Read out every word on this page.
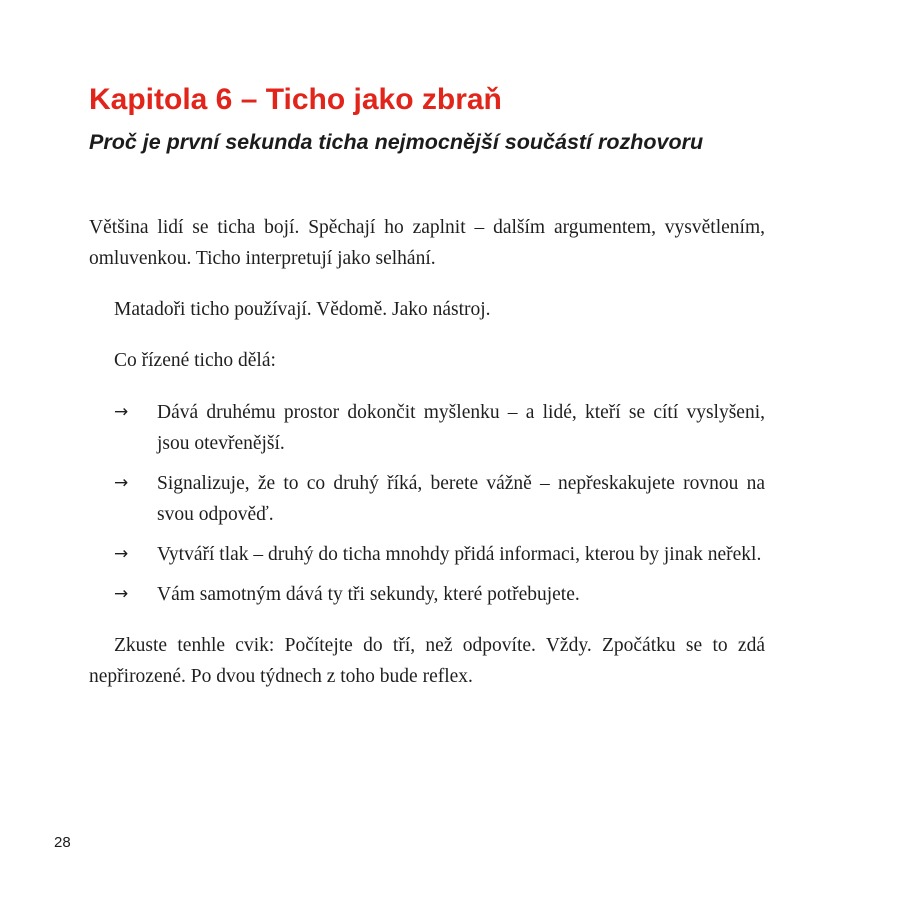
Kapitola 6 – Ticho jako zbraň
Proč je první sekunda ticha nejmocnější součástí rozhovoru

Většina lidí se ticha bojí. Spěchají ho zaplnit – dalším argumentem, vysvětlením, omluvenkou. Ticho interpretují jako selhání.

Matadoři ticho používají. Vědomě. Jako nástroj.

Co řízené ticho dělá:

→ Dává druhému prostor dokončit myšlenku – a lidé, kteří se cítí vyslyšeni, jsou otevřenější.
→ Signalizuje, že to co druhý říká, berete vážně – nepřeskakujete rovnou na svou odpověď.
→ Vytváří tlak – druhý do ticha mnohdy přidá informaci, kterou by jinak neřekl.
→ Vám samotným dává ty tři sekundy, které potřebujete.

Zkuste tenhle cvik: Počítejte do tří, než odpovíte. Vždy. Zpočátku se to zdá nepřirozené. Po dvou týdnech z toho bude reflex.

28
